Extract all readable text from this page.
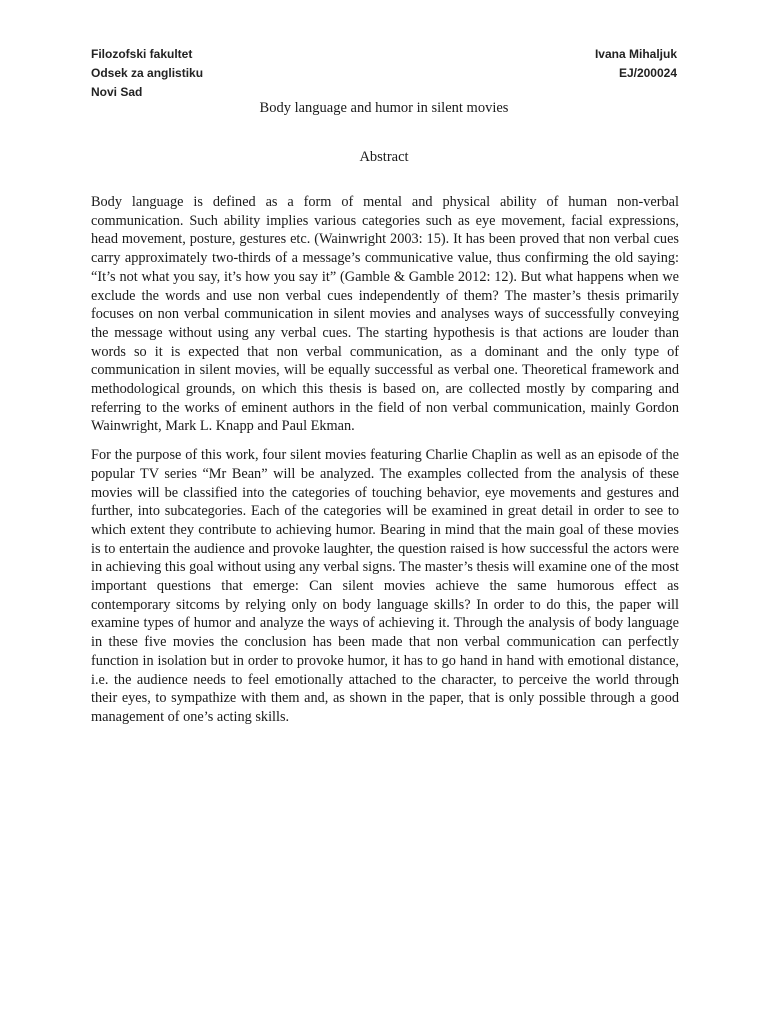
Filozofski fakultet
Odsek za anglistiku
Novi Sad
Ivana Mihaljuk
EJ/200024
Body language and humor in silent movies
Abstract

Body language is defined as a form of mental and physical ability of human non-verbal communication. Such ability implies various categories such as eye movement, facial expressions, head movement, posture, gestures etc. (Wainwright 2003: 15). It has been proved that non verbal cues carry approximately two-thirds of a message’s communicative value, thus confirming the old saying: “It’s not what you say, it’s how you say it” (Gamble & Gamble 2012: 12). But what happens when we exclude the words and use non verbal cues independently of them? The master’s thesis primarily focuses on non verbal communication in silent movies and analyses ways of successfully conveying the message without using any verbal cues. The starting hypothesis is that actions are louder than words so it is expected that non verbal communication, as a dominant and the only type of communication in silent movies, will be equally successful as verbal one. Theoretical framework and methodological grounds, on which this thesis is based on, are collected mostly by comparing and referring to the works of eminent authors in the field of non verbal communication, mainly Gordon Wainwright, Mark L. Knapp and Paul Ekman.

For the purpose of this work, four silent movies featuring Charlie Chaplin as well as an episode of the popular TV series “Mr Bean” will be analyzed. The examples collected from the analysis of these movies will be classified into the categories of touching behavior, eye movements and gestures and further, into subcategories. Each of the categories will be examined in great detail in order to see to which extent they contribute to achieving humor. Bearing in mind that the main goal of these movies is to entertain the audience and provoke laughter, the question raised is how successful the actors were in achieving this goal without using any verbal signs. The master’s thesis will examine one of the most important questions that emerge: Can silent movies achieve the same humorous effect as contemporary sitcoms by relying only on body language skills? In order to do this, the paper will examine types of humor and analyze the ways of achieving it. Through the analysis of body language in these five movies the conclusion has been made that non verbal communication can perfectly function in isolation but in order to provoke humor, it has to go hand in hand with emotional distance, i.e. the audience needs to feel emotionally attached to the character, to perceive the world through their eyes, to sympathize with them and, as shown in the paper, that is only possible through a good management of one’s acting skills.
